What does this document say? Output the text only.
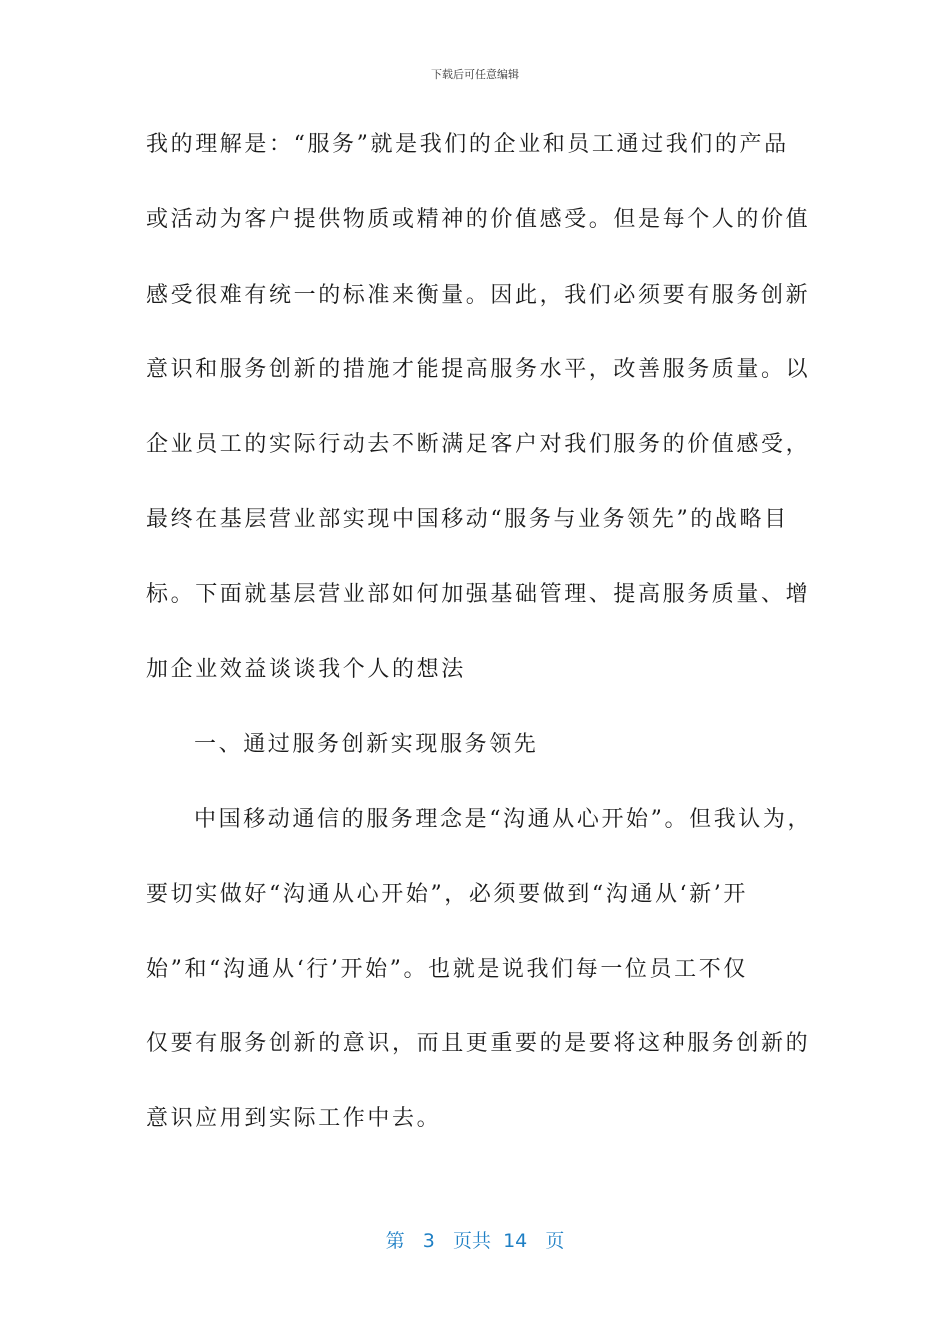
下载后可任意编辑
我的理解是：“服务”就是我们的企业和员工通过我们的产品
或活动为客户提供物质或精神的价值感受。但是每个人的价值
感受很难有统一的标准来衡量。因此，我们必须要有服务创新
意识和服务创新的措施才能提高服务水平，改善服务质量。以
企业员工的实际行动去不断满足客户对我们服务的价值感受，
最终在基层营业部实现中国移动“服务与业务领先”的战略目
标。下面就基层营业部如何加强基础管理、提高服务质量、增
加企业效益谈谈我个人的想法
一、通过服务创新实现服务领先
中国移动通信的服务理念是“沟通从心开始”。但我认为，
要切实做好“沟通从心开始”，必须要做到“沟通从‘新’开
始”和“沟通从‘行’开始”。也就是说我们每一位员工不仅
仅要有服务创新的意识，而且更重要的是要将这种服务创新的
意识应用到实际工作中去。
第 3 页共 14 页
